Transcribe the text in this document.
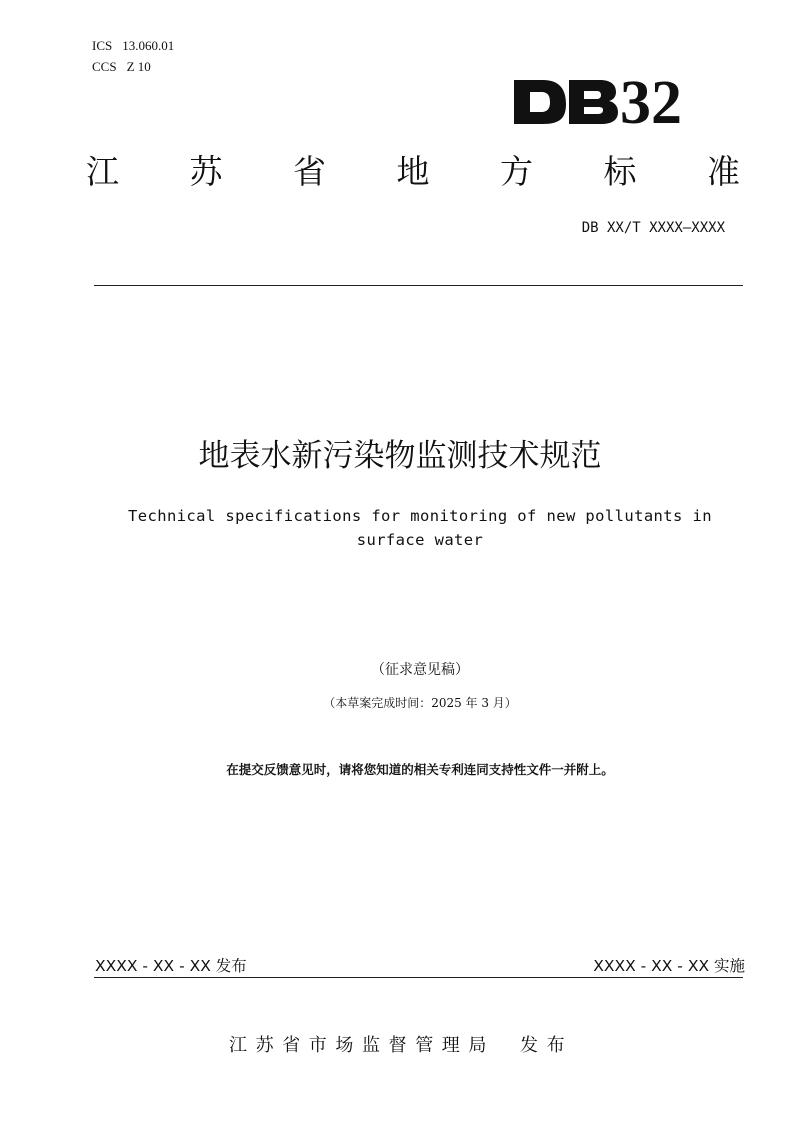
ICS 13.060.01
CCS Z 10
32
江 苏 省 地 方 标 准
DB XX/T XXXX—XXXX
地表水新污染物监测技术规范
Technical specifications for monitoring of new pollutants in surface water
（征求意见稿）
（本草案完成时间：2025 年 3 月）
在提交反馈意见时，请将您知道的相关专利连同支持性文件一并附上。
XXXX - XX - XX 发布	XXXX - XX - XX 实施
江苏省市场监督管理局 发布
